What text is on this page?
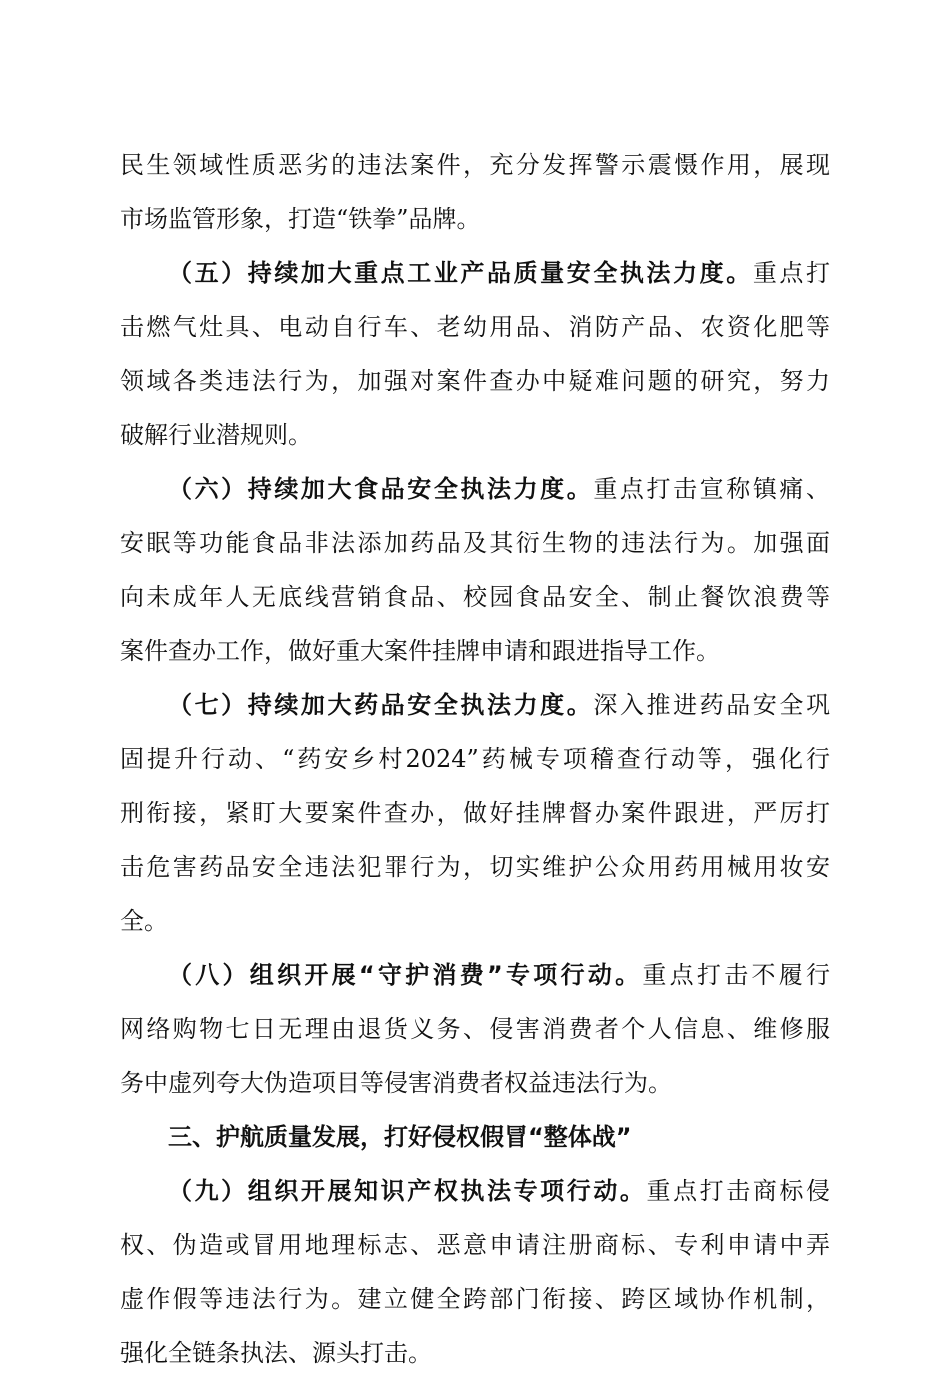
民生领域性质恶劣的违法案件，充分发挥警示震慑作用，展现
市场监管形象，打造“铁拳”品牌。
（五）持续加大重点工业产品质量安全执法力度。重点打
击燃气灶具、电动自行车、老幼用品、消防产品、农资化肥等
领域各类违法行为，加强对案件查办中疑难问题的研究，努力
破解行业潜规则。
（六）持续加大食品安全执法力度。重点打击宣称镇痛、
安眠等功能食品非法添加药品及其衍生物的违法行为。加强面
向未成年人无底线营销食品、校园食品安全、制止餐饮浪费等
案件查办工作，做好重大案件挂牌申请和跟进指导工作。
（七）持续加大药品安全执法力度。深入推进药品安全巩
固提升行动、“药安乡村2024”药械专项稽查行动等，强化行
刑衔接，紧盯大要案件查办，做好挂牌督办案件跟进，严厉打
击危害药品安全违法犯罪行为，切实维护公众用药用械用妆安
全。
（八）组织开展“守护消费”专项行动。重点打击不履行
网络购物七日无理由退货义务、侵害消费者个人信息、维修服
务中虚列夸大伪造项目等侵害消费者权益违法行为。
三、护航质量发展，打好侵权假冒“整体战”
（九）组织开展知识产权执法专项行动。重点打击商标侵
权、伪造或冒用地理标志、恶意申请注册商标、专利申请中弄
虚作假等违法行为。建立健全跨部门衔接、跨区域协作机制，
强化全链条执法、源头打击。
